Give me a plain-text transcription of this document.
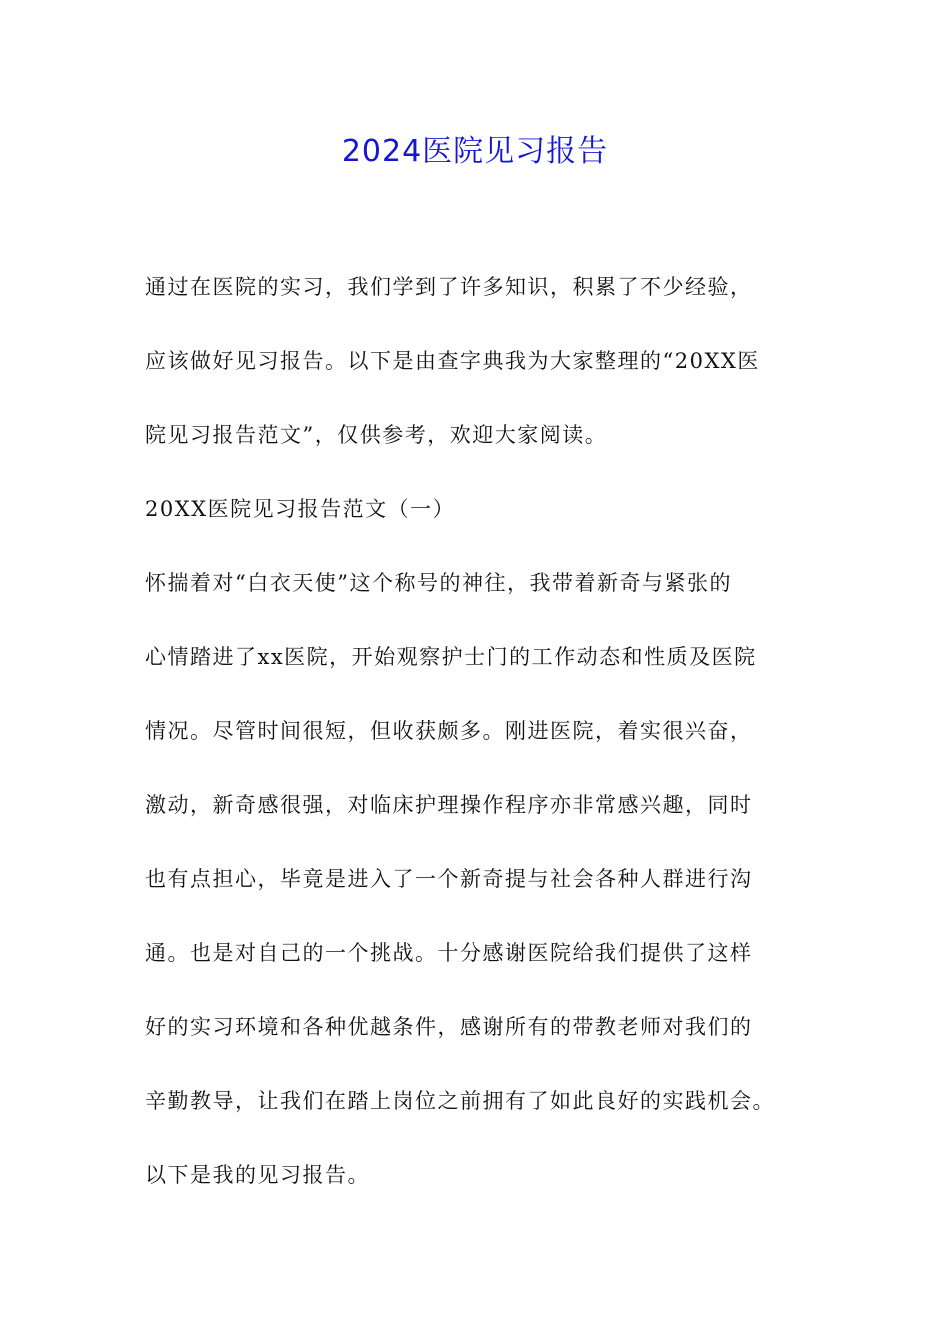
2024医院见习报告
通过在医院的实习，我们学到了许多知识，积累了不少经验，
应该做好见习报告。以下是由查字典我为大家整理的“20XX医
院见习报告范文”，仅供参考，欢迎大家阅读。
20XX医院见习报告范文（一）
怀揣着对“白衣天使”这个称号的神往，我带着新奇与紧张的
心情踏进了xx医院，开始观察护士门的工作动态和性质及医院
情况。尽管时间很短，但收获颇多。刚进医院，着实很兴奋，
激动，新奇感很强，对临床护理操作程序亦非常感兴趣，同时
也有点担心，毕竟是进入了一个新奇提与社会各种人群进行沟
通。也是对自己的一个挑战。十分感谢医院给我们提供了这样
好的实习环境和各种优越条件，感谢所有的带教老师对我们的
辛勤教导，让我们在踏上岗位之前拥有了如此良好的实践机会。
以下是我的见习报告。
